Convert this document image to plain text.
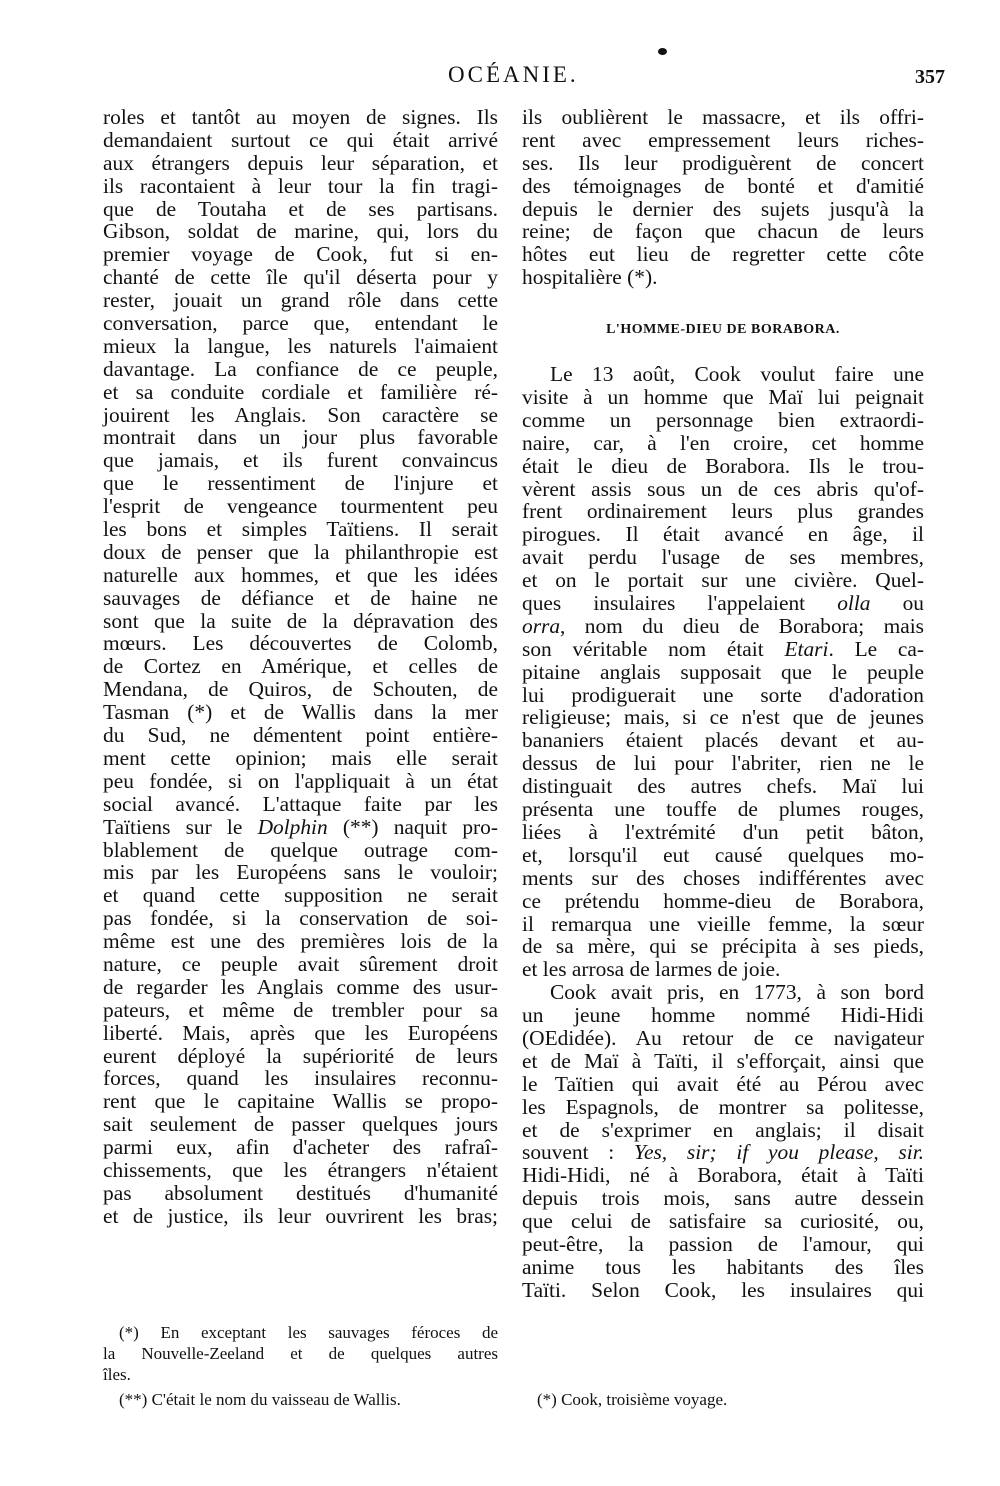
OCÉANIE.	357
roles et tantôt au moyen de signes. Ils
demandaient surtout ce qui était arrivé
aux étrangers depuis leur séparation, et
ils racontaient à leur tour la fin tragi-
que de Toutaha et de ses partisans.
Gibson, soldat de marine, qui, lors du
premier voyage de Cook, fut si en-
chanté de cette île qu'il déserta pour y
rester, jouait un grand rôle dans cette
conversation, parce que, entendant le
mieux la langue, les naturels l'aimaient
davantage. La confiance de ce peuple,
et sa conduite cordiale et familière ré-
jouirent les Anglais. Son caractère se
montrait dans un jour plus favorable
que jamais, et ils furent convaincus
que le ressentiment de l'injure et
l'esprit de vengeance tourmentent peu
les bons et simples Taïtiens. Il serait
doux de penser que la philanthropie est
naturelle aux hommes, et que les idées
sauvages de défiance et de haine ne
sont que la suite de la dépravation des
mœurs. Les découvertes de Colomb,
de Cortez en Amérique, et celles de
Mendana, de Quiros, de Schouten, de
Tasman (*) et de Wallis dans la mer
du Sud, ne démentent point entière-
ment cette opinion; mais elle serait
peu fondée, si on l'appliquait à un état
social avancé. L'attaque faite par les
Taïtiens sur le Dolphin (**) naquit pro-
blablement de quelque outrage com-
mis par les Européens sans le vouloir;
et quand cette supposition ne serait
pas fondée, si la conservation de soi-
même est une des premières lois de la
nature, ce peuple avait sûrement droit
de regarder les Anglais comme des usur-
pateurs, et même de trembler pour sa
liberté. Mais, après que les Européens
eurent déployé la supériorité de leurs
forces, quand les insulaires reconnu-
rent que le capitaine Wallis se propo-
sait seulement de passer quelques jours
parmi eux, afin d'acheter des rafraî-
chissements, que les étrangers n'étaient
pas absolument destitués d'humanité
et de justice, ils leur ouvrirent les bras;
(*) En exceptant les sauvages féroces de
la Nouvelle-Zeeland et de quelques autres
îles.
(**) C'était le nom du vaisseau de Wallis.
ils oublièrent le massacre, et ils offri-
rent avec empressement leurs riches-
ses. Ils leur prodiguèrent de concert
des témoignages de bonté et d'amitié
depuis le dernier des sujets jusqu'à la
reine; de façon que chacun de leurs
hôtes eut lieu de regretter cette côte
hospitalière (*).
L'HOMME-DIEU DE BORABORA.
Le 13 août, Cook voulut faire une
visite à un homme que Maï lui peignait
comme un personnage bien extraordi-
naire, car, à l'en croire, cet homme
était le dieu de Borabora. Ils le trou-
vèrent assis sous un de ces abris qu'of-
frent ordinairement leurs plus grandes
pirogues. Il était avancé en âge, il
avait perdu l'usage de ses membres,
et on le portait sur une civière. Quel-
ques insulaires l'appelaient olla ou
orra, nom du dieu de Borabora; mais
son véritable nom était Etari. Le ca-
pitaine anglais supposait que le peuple
lui prodiguerait une sorte d'adoration
religieuse; mais, si ce n'est que de jeunes
bananiers étaient placés devant et au-
dessus de lui pour l'abriter, rien ne le
distinguait des autres chefs. Maï lui
présenta une touffe de plumes rouges,
liées à l'extrémité d'un petit bâton,
et, lorsqu'il eut causé quelques mo-
ments sur des choses indifférentes avec
ce prétendu homme-dieu de Borabora,
il remarqua une vieille femme, la sœur
de sa mère, qui se précipita à ses pieds,
et les arrosa de larmes de joie.
Cook avait pris, en 1773, à son bord
un jeune homme nommé Hidi-Hidi
(OEdidée). Au retour de ce navigateur
et de Maï à Taïti, il s'efforçait, ainsi que
le Taïtien qui avait été au Pérou avec
les Espagnols, de montrer sa politesse,
et de s'exprimer en anglais; il disait
souvent : Yes, sir; if you please, sir.
Hidi-Hidi, né à Borabora, était à Taïti
depuis trois mois, sans autre dessein
que celui de satisfaire sa curiosité, ou,
peut-être, la passion de l'amour, qui
anime tous les habitants des îles
Taïti. Selon Cook, les insulaires qui
(*) Cook, troisième voyage.
